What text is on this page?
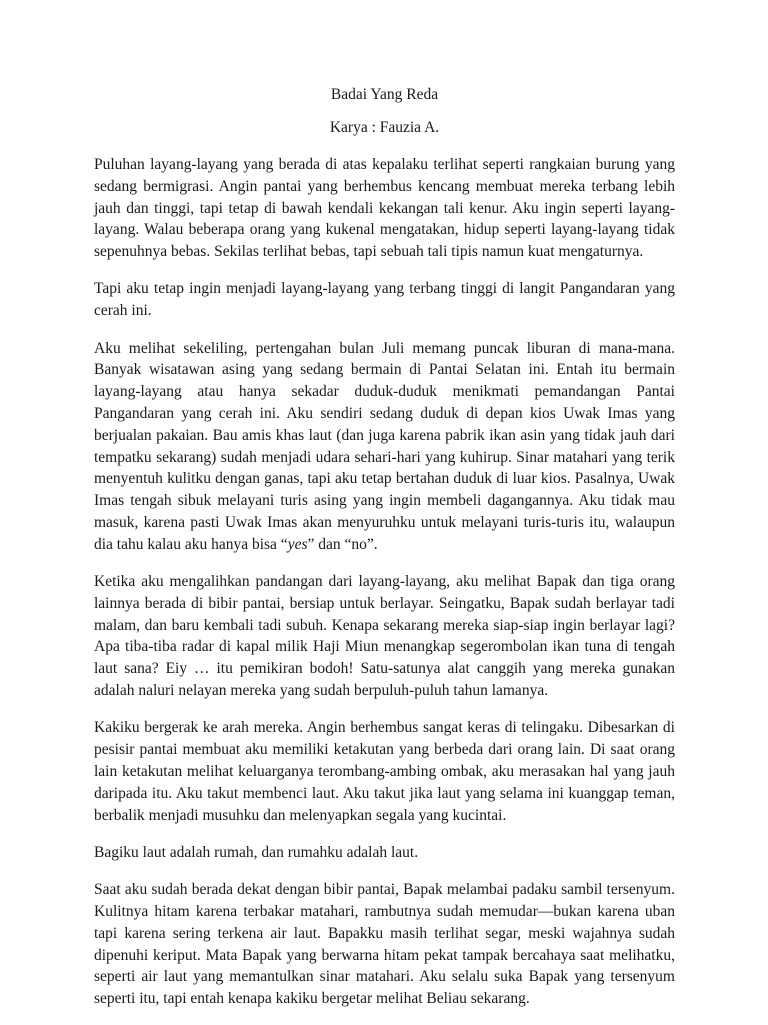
Badai Yang Reda

Karya : Fauzia A.

Puluhan layang-layang yang berada di atas kepalaku terlihat seperti rangkaian burung yang sedang bermigrasi. Angin pantai yang berhembus kencang membuat mereka terbang lebih jauh dan tinggi, tapi tetap di bawah kendali kekangan tali kenur. Aku ingin seperti layang-layang. Walau beberapa orang yang kukenal mengatakan, hidup seperti layang-layang tidak sepenuhnya bebas. Sekilas terlihat bebas, tapi sebuah tali tipis namun kuat mengaturnya.

Tapi aku tetap ingin menjadi layang-layang yang terbang tinggi di langit Pangandaran yang cerah ini.

Aku melihat sekeliling, pertengahan bulan Juli memang puncak liburan di mana-mana. Banyak wisatawan asing yang sedang bermain di Pantai Selatan ini. Entah itu bermain layang-layang atau hanya sekadar duduk-duduk menikmati pemandangan Pantai Pangandaran yang cerah ini. Aku sendiri sedang duduk di depan kios Uwak Imas yang berjualan pakaian. Bau amis khas laut (dan juga karena pabrik ikan asin yang tidak jauh dari tempatku sekarang) sudah menjadi udara sehari-hari yang kuhirup. Sinar matahari yang terik menyentuh kulitku dengan ganas, tapi aku tetap bertahan duduk di luar kios. Pasalnya, Uwak Imas tengah sibuk melayani turis asing yang ingin membeli dagangannya. Aku tidak mau masuk, karena pasti Uwak Imas akan menyuruhku untuk melayani turis-turis itu, walaupun dia tahu kalau aku hanya bisa “yes” dan “no”.

Ketika aku mengalihkan pandangan dari layang-layang, aku melihat Bapak dan tiga orang lainnya berada di bibir pantai, bersiap untuk berlayar. Seingatku, Bapak sudah berlayar tadi malam, dan baru kembali tadi subuh. Kenapa sekarang mereka siap-siap ingin berlayar lagi? Apa tiba-tiba radar di kapal milik Haji Miun menangkap segerombolan ikan tuna di tengah laut sana? Eiy … itu pemikiran bodoh! Satu-satunya alat canggih yang mereka gunakan adalah naluri nelayan mereka yang sudah berpuluh-puluh tahun lamanya.

Kakiku bergerak ke arah mereka. Angin berhembus sangat keras di telingaku. Dibesarkan di pesisir pantai membuat aku memiliki ketakutan yang berbeda dari orang lain. Di saat orang lain ketakutan melihat keluarganya terombang-ambing ombak, aku merasakan hal yang jauh daripada itu. Aku takut membenci laut. Aku takut jika laut yang selama ini kuanggap teman, berbalik menjadi musuhku dan melenyapkan segala yang kucintai.

Bagiku laut adalah rumah, dan rumahku adalah laut.

Saat aku sudah berada dekat dengan bibir pantai, Bapak melambai padaku sambil tersenyum. Kulitnya hitam karena terbakar matahari, rambutnya sudah memudar—bukan karena uban tapi karena sering terkena air laut. Bapakku masih terlihat segar, meski wajahnya sudah dipenuhi keriput. Mata Bapak yang berwarna hitam pekat tampak bercahaya saat melihatku, seperti air laut yang memantulkan sinar matahari. Aku selalu suka Bapak yang tersenyum seperti itu, tapi entah kenapa kakiku bergetar melihat Beliau sekarang.
